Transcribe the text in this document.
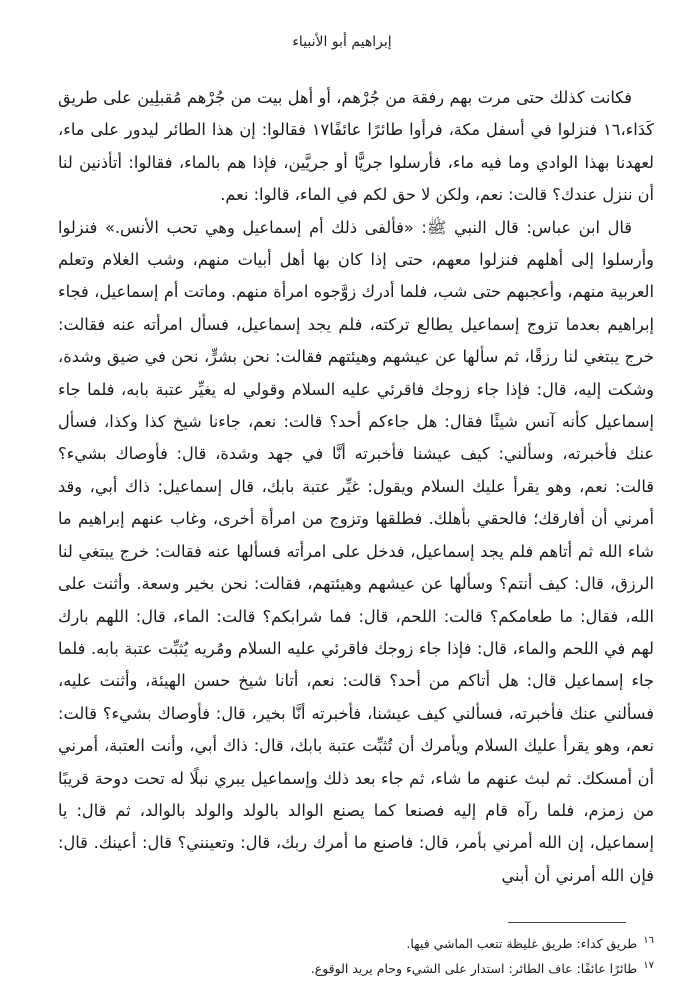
إبراهيم أبو الأنبياء

فكانت كذلك حتى مرت بهم رفقة من جُرْهم، أو أهل بيت من جُرْهم مُقبلِين على طريق كَدَاء،١٦ فنزلوا في أسفل مكة، فرأوا طائرًا عائفًا١٧ فقالوا: إن هذا الطائر ليدور على ماء، لعهدنا بهذا الوادي وما فيه ماء، فأرسلوا جريًّا أو جريَّين، فإذا هم بالماء، فقالوا: أتأذنين لنا أن ننزل عندك؟ قالت: نعم، ولكن لا حق لكم في الماء، قالوا: نعم.

قال ابن عباس: قال النبي ﷺ: «فألفى ذلك أم إسماعيل وهي تحب الأنس.» فنزلوا وأرسلوا إلى أهلهم فنزلوا معهم، حتى إذا كان بها أهل أبيات منهم، وشب الغلام وتعلم العربية منهم، وأعجبهم حتى شب، فلما أدرك زوَّجوه امرأة منهم. وماتت أم إسماعيل، فجاء إبراهيم بعدما تزوج إسماعيل يطالع تركته، فلم يجد إسماعيل، فسأل امرأته عنه فقالت: خرج يبتغي لنا رزقًا، ثم سألها عن عيشهم وهيئتهم فقالت: نحن بشرٍّ، نحن في ضيق وشدة، وشكت إليه، قال: فإذا جاء زوجك فاقرئي عليه السلام وقولي له يغيِّر عتبة بابه، فلما جاء إسماعيل كأنه آنس شيئًا فقال: هل جاءكم أحد؟ قالت: نعم، جاءنا شيخ كذا وكذا، فسأل عنك فأخبرته، وسألني: كيف عيشنا فأخبرته أنَّا في جهد وشدة، قال: فأوصاك بشيء؟ قالت: نعم، وهو يقرأ عليك السلام ويقول: غيِّر عتبة بابك، قال إسماعيل: ذاك أبي، وقد أمرني أن أفارقك؛ فالحقي بأهلك. فطلقها وتزوج من امرأة أخرى، وغاب عنهم إبراهيم ما شاء الله ثم أتاهم فلم يجد إسماعيل، فدخل على امرأته فسألها عنه فقالت: خرج يبتغي لنا الرزق، قال: كيف أنتم؟ وسألها عن عيشهم وهيئتهم، فقالت: نحن بخير وسعة. وأثنت على الله، فقال: ما طعامكم؟ قالت: اللحم، قال: فما شرابكم؟ قالت: الماء، قال: اللهم بارك لهم في اللحم والماء، قال: فإذا جاء زوجك فاقرئي عليه السلام ومُريه يُثبِّت عتبة بابه. فلما جاء إسماعيل قال: هل أتاكم من أحد؟ قالت: نعم، أتانا شيخ حسن الهيئة، وأثنت عليه، فسألني عنك فأخبرته، فسألني كيف عيشنا، فأخبرته أنَّا بخير، قال: فأوصاك بشيء؟ قالت: نعم، وهو يقرأ عليك السلام ويأمرك أن تُثبِّت عتبة بابك، قال: ذاك أبي، وأنت العتبة، أمرني أن أمسكك. ثم لبث عنهم ما شاء، ثم جاء بعد ذلك وإسماعيل يبري نبلًا له تحت دوحة قريبًا من زمزم، فلما رآه قام إليه فصنعا كما يصنع الوالد بالولد والولد بالوالد، ثم قال: يا إسماعيل، إن الله أمرني بأمر، قال: فاصنع ما أمرك ربك، قال: وتعينني؟ قال: أعينك. قال: فإن الله أمرني أن أبني

$^{١٦}$طريق كداء: طريق غليظة تتعب الماشي فيها.

$^{١٧}$طائرًا عائفًا: عاف الطائر: استدار على الشيء وحام يريد الوقوع.
